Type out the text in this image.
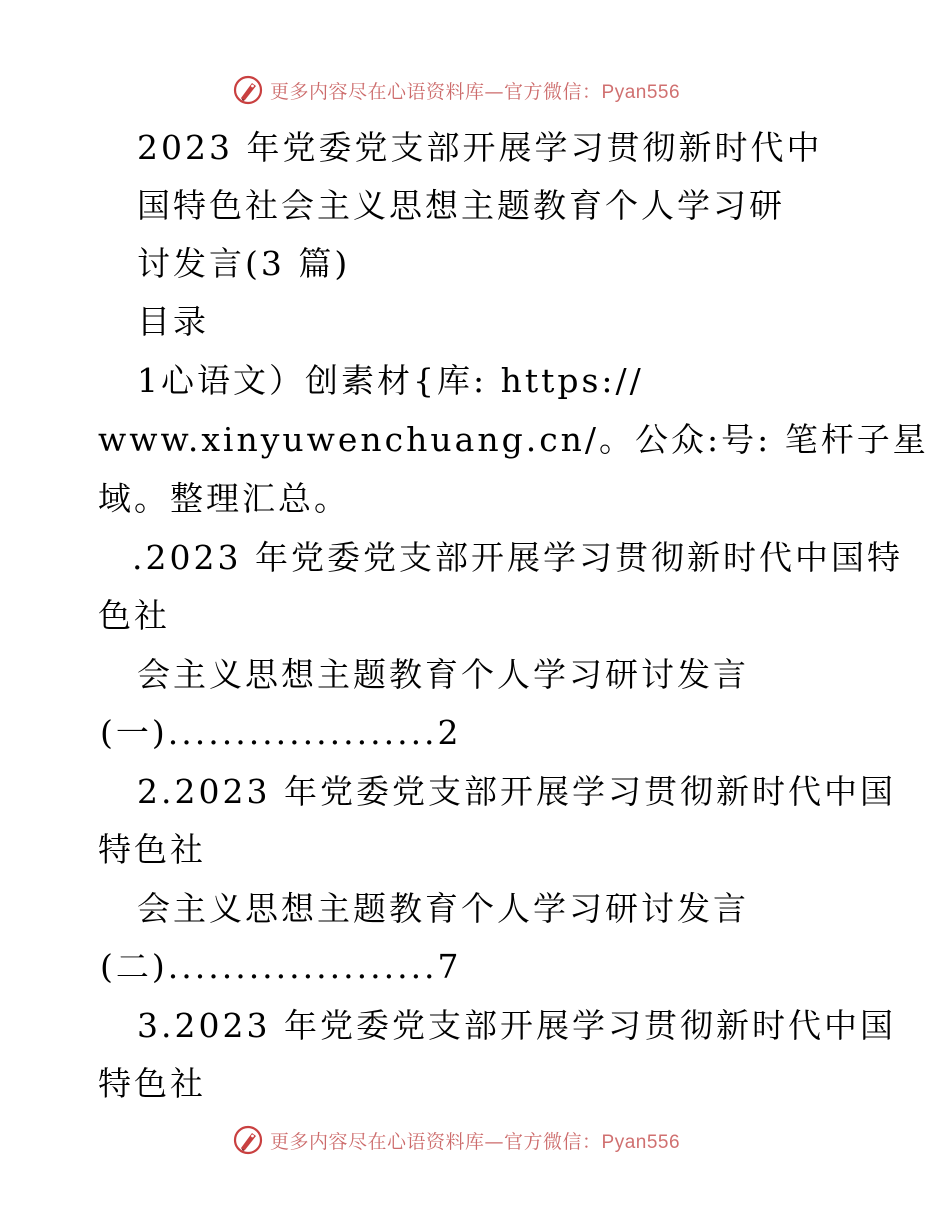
更多内容尽在心语资料库—官方微信：Pyan556
2023 年党委党支部开展学习贯彻新时代中
国特色社会主义思想主题教育个人学习研
讨发言(3 篇)
目录
1心语文）创素材{库: https://
www.xinyuwenchuang.cn/。公众:号: 笔杆子星
域。整理汇总。
.2023 年党委党支部开展学习贯彻新时代中国特
色社
会主义思想主题教育个人学习研讨发言
(一)....................2
2.2023 年党委党支部开展学习贯彻新时代中国
特色社
会主义思想主题教育个人学习研讨发言
(二)....................7
3.2023 年党委党支部开展学习贯彻新时代中国
特色社
更多内容尽在心语资料库—官方微信：Pyan556
